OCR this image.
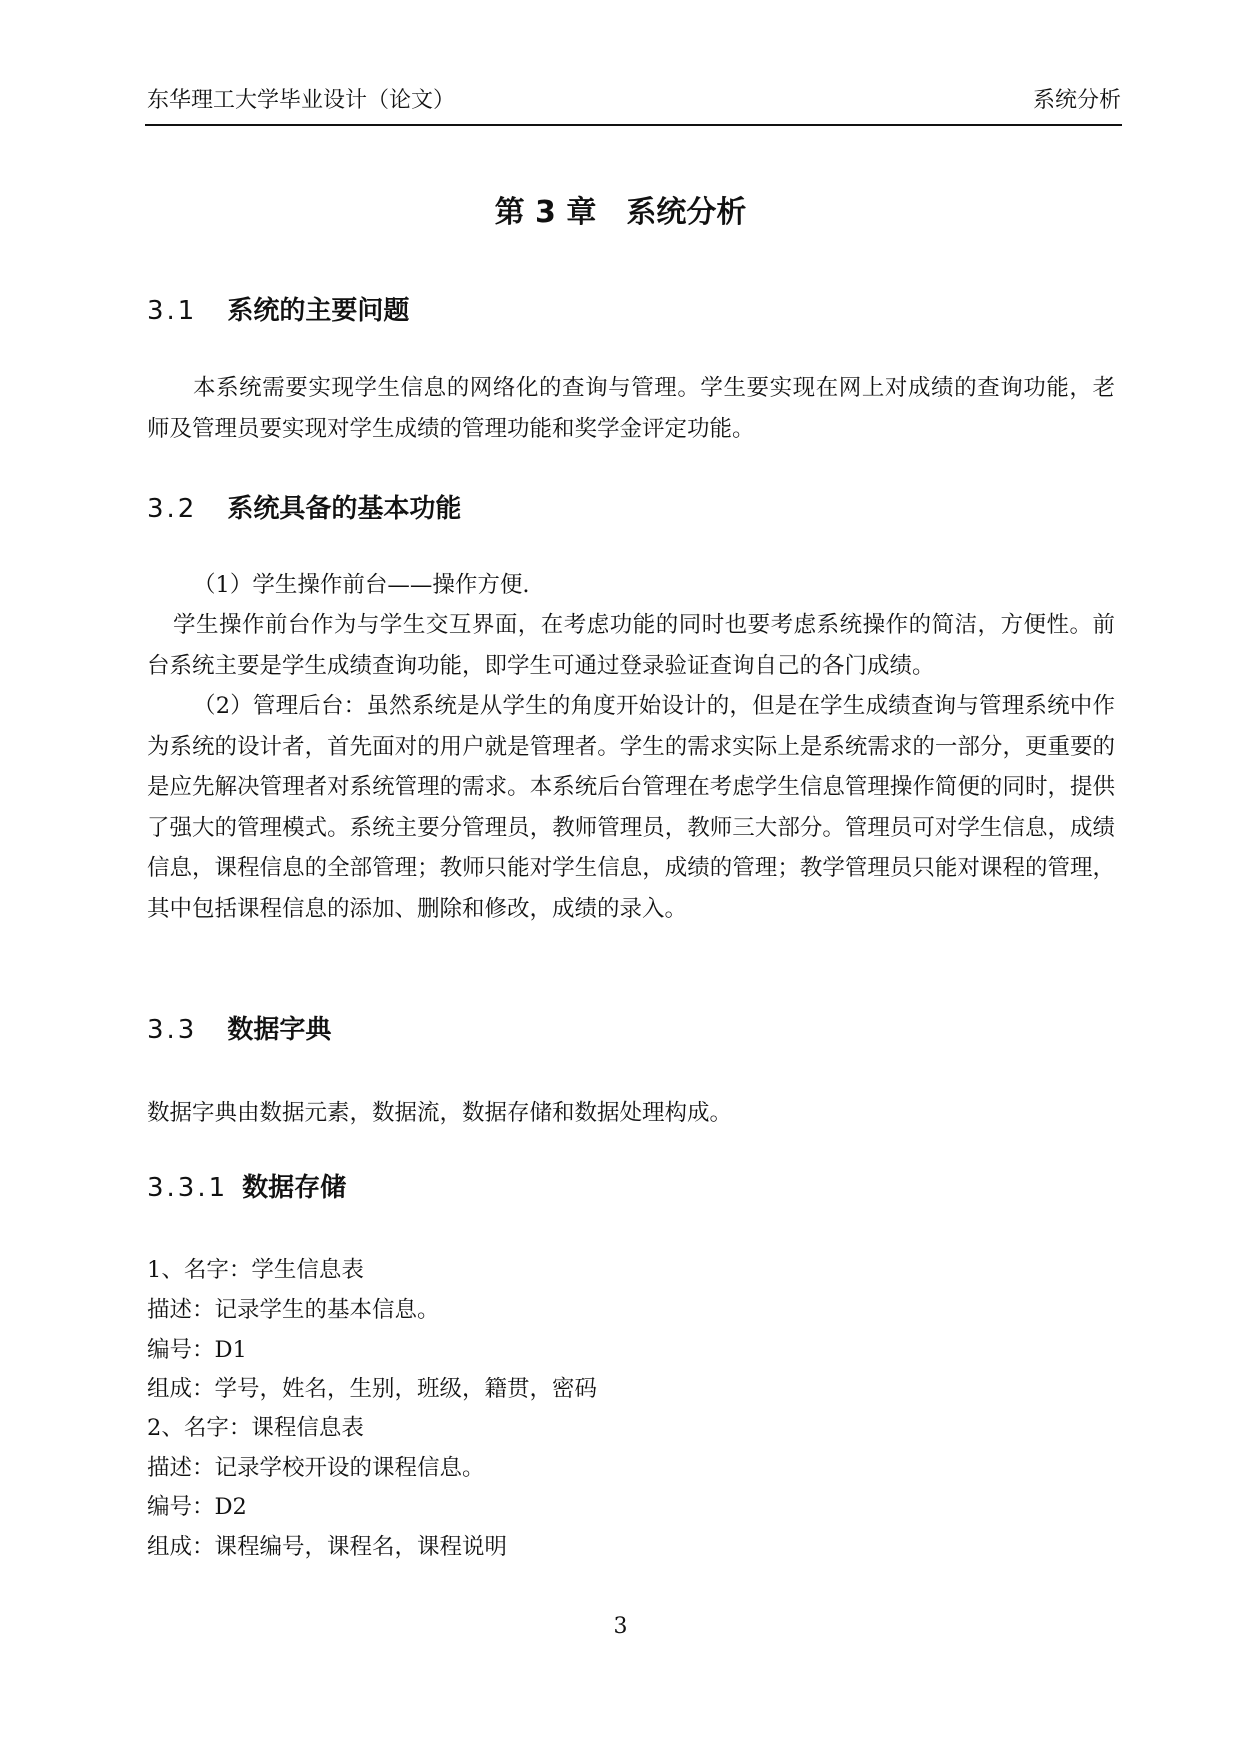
东华理工大学毕业设计（论文）	系统分析
第 3 章 系统分析
3.1 系统的主要问题

本系统需要实现学生信息的网络化的查询与管理。学生要实现在网上对成绩的查询功能，老师及管理员要实现对学生成绩的管理功能和奖学金评定功能。

3.2 系统具备的基本功能

（1）学生操作前台——操作方便.

学生操作前台作为与学生交互界面，在考虑功能的同时也要考虑系统操作的简洁，方便性。前台系统主要是学生成绩查询功能，即学生可通过登录验证查询自己的各门成绩。

（2）管理后台：虽然系统是从学生的角度开始设计的，但是在学生成绩查询与管理系统中作为系统的设计者，首先面对的用户就是管理者。学生的需求实际上是系统需求的一部分，更重要的是应先解决管理者对系统管理的需求。本系统后台管理在考虑学生信息管理操作简便的同时，提供了强大的管理模式。系统主要分管理员，教师管理员，教师三大部分。管理员可对学生信息，成绩信息，课程信息的全部管理；教师只能对学生信息，成绩的管理；教学管理员只能对课程的管理，其中包括课程信息的添加、删除和修改，成绩的录入。

3.3 数据字典

数据字典由数据元素，数据流，数据存储和数据处理构成。

3.3.1 数据存储
1、名字：学生信息表
描述：记录学生的基本信息。
编号：D1
组成：学号，姓名，生别，班级，籍贯，密码
2、名字：课程信息表
描述：记录学校开设的课程信息。
编号：D2
组成：课程编号，课程名，课程说明
3
